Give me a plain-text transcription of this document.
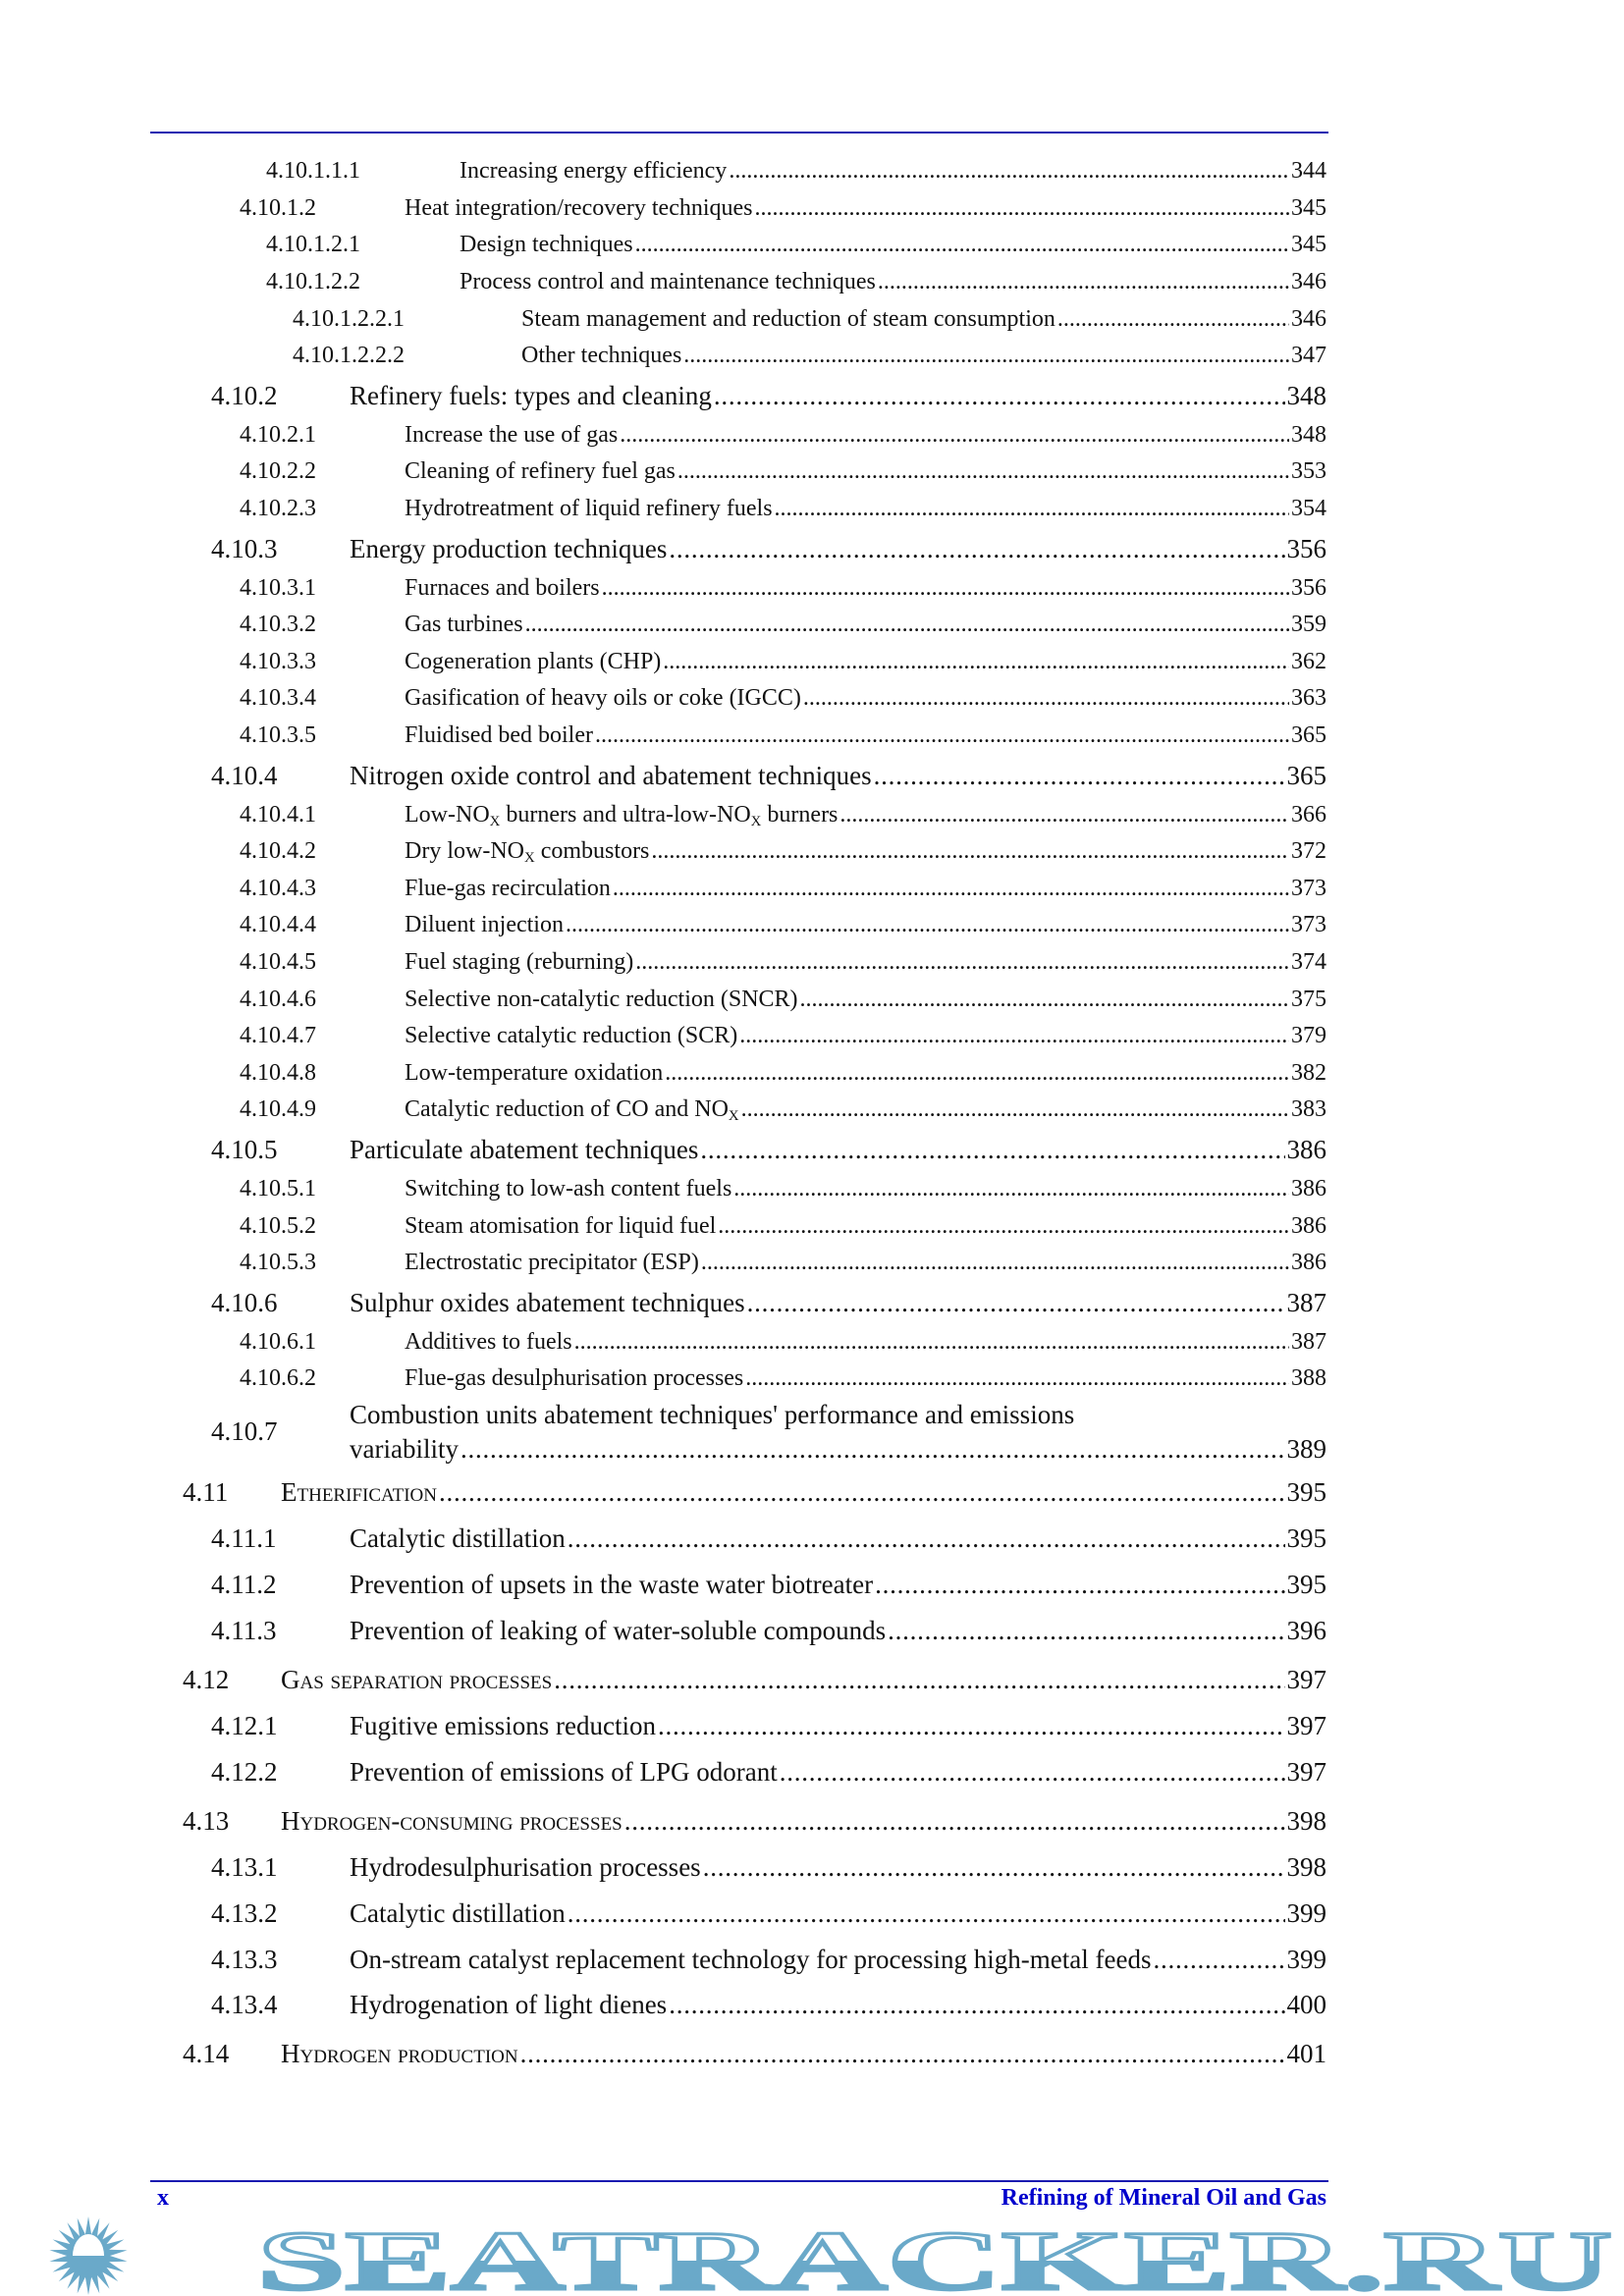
4.10.1.1.1	Increasing energy efficiency . . .	344
4.10.1.2	Heat integration/recovery techniques . . .	345
4.10.1.2.1	Design techniques . . .	345
4.10.1.2.2	Process control and maintenance techniques . . .	346
4.10.1.2.2.1	Steam management and reduction of steam consumption . . .	346
4.10.1.2.2.2	Other techniques . . .	347
4.10.2	Refinery fuels: types and cleaning . . .	348
4.10.2.1	Increase the use of gas . . .	348
4.10.2.2	Cleaning of refinery fuel gas . . .	353
4.10.2.3	Hydrotreatment of liquid refinery fuels . . .	354
4.10.3	Energy production techniques . . .	356
4.10.3.1	Furnaces and boilers . . .	356
4.10.3.2	Gas turbines . . .	359
4.10.3.3	Cogeneration plants (CHP) . . .	362
4.10.3.4	Gasification of heavy oils or coke (IGCC) . . .	363
4.10.3.5	Fluidised bed boiler . . .	365
4.10.4	Nitrogen oxide control and abatement techniques . . .	365
4.10.4.1	Low-$NO_X$ burners and ultra-$low-NO_X$ burners . . .	366
4.10.4.2	Dry low-$NO_X$ combustors . . .	372
4.10.4.3	Flue-gas recirculation . . .	373
4.10.4.4	Diluent injection . . .	373
4.10.4.5	Fuel staging (reburning) . . .	374
4.10.4.6	Selective non-catalytic reduction (SNCR) . . .	375
4.10.4.7	Selective catalytic reduction (SCR) . . .	379
4.10.4.8	Low-temperature oxidation . . .	382
4.10.4.9	Catalytic reduction of CO and $NO_X$ . . .	383
4.10.5	Particulate abatement techniques . . .	386
4.10.5.1	Switching to low-ash content fuels . . .	386
4.10.5.2	Steam atomisation for liquid fuel . . .	386
4.10.5.3	Electrostatic precipitator (ESP) . . .	386
4.10.6	Sulphur oxides abatement techniques . . .	387
4.10.6.1	Additives to fuels . . .	387
4.10.6.2	Flue-gas desulphurisation processes . . .	388
4.10.7
Combustion units abatement techniques' performance and emissions
variability . . .	389
4.11 Etherification . . .	395
4.11.1	Catalytic distillation . . .	395
4.11.2	Prevention of upsets in the waste water biotreater . . .	395
4.11.3	Prevention of leaking of water-soluble compounds . . .	396
4.12 Gas separation processes . . .	397
4.12.1	Fugitive emissions reduction . . .	397
4.12.2	Prevention of emissions of LPG odorant . . .	397
4.13 Hydrogen-consuming processes . . .	398
4.13.1	Hydrodesulphurisation processes . . .	398
4.13.2	Catalytic distillation . . .	399
4.13.3	On-stream catalyst replacement technology for processing high-metal feeds . . .	399
4.13.4	Hydrogenation of light dienes . . .	400
4.14 Hydrogen production . . .	401
x	Refining of Mineral Oil and Gas
SEATRACKER.RU
